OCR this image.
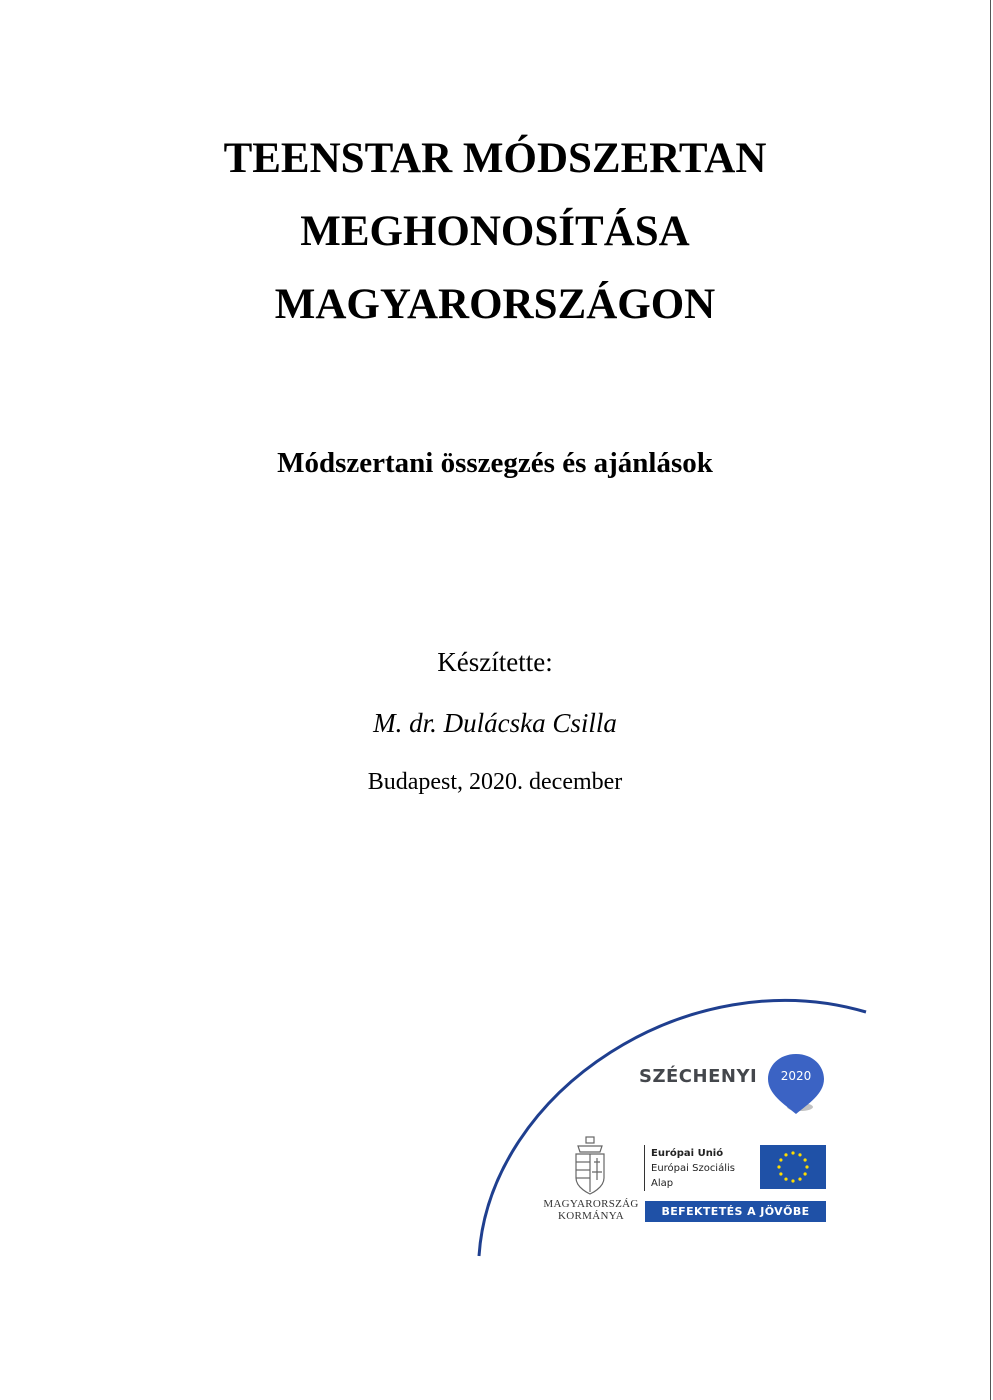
TEENSTAR MÓDSZERTAN
MEGHONOSÍTÁSA
MAGYARORSZÁGON
Módszertani összegzés és ajánlások
Készítette:
M. dr. Dulácska Csilla
Budapest, 2020. december
SZÉCHENYI	2020
MAGYARORSZÁG
KORMÁNYA
Európai Unió
Európai Szociális
Alap
BEFEKTETÉS A JÖVŐBE
